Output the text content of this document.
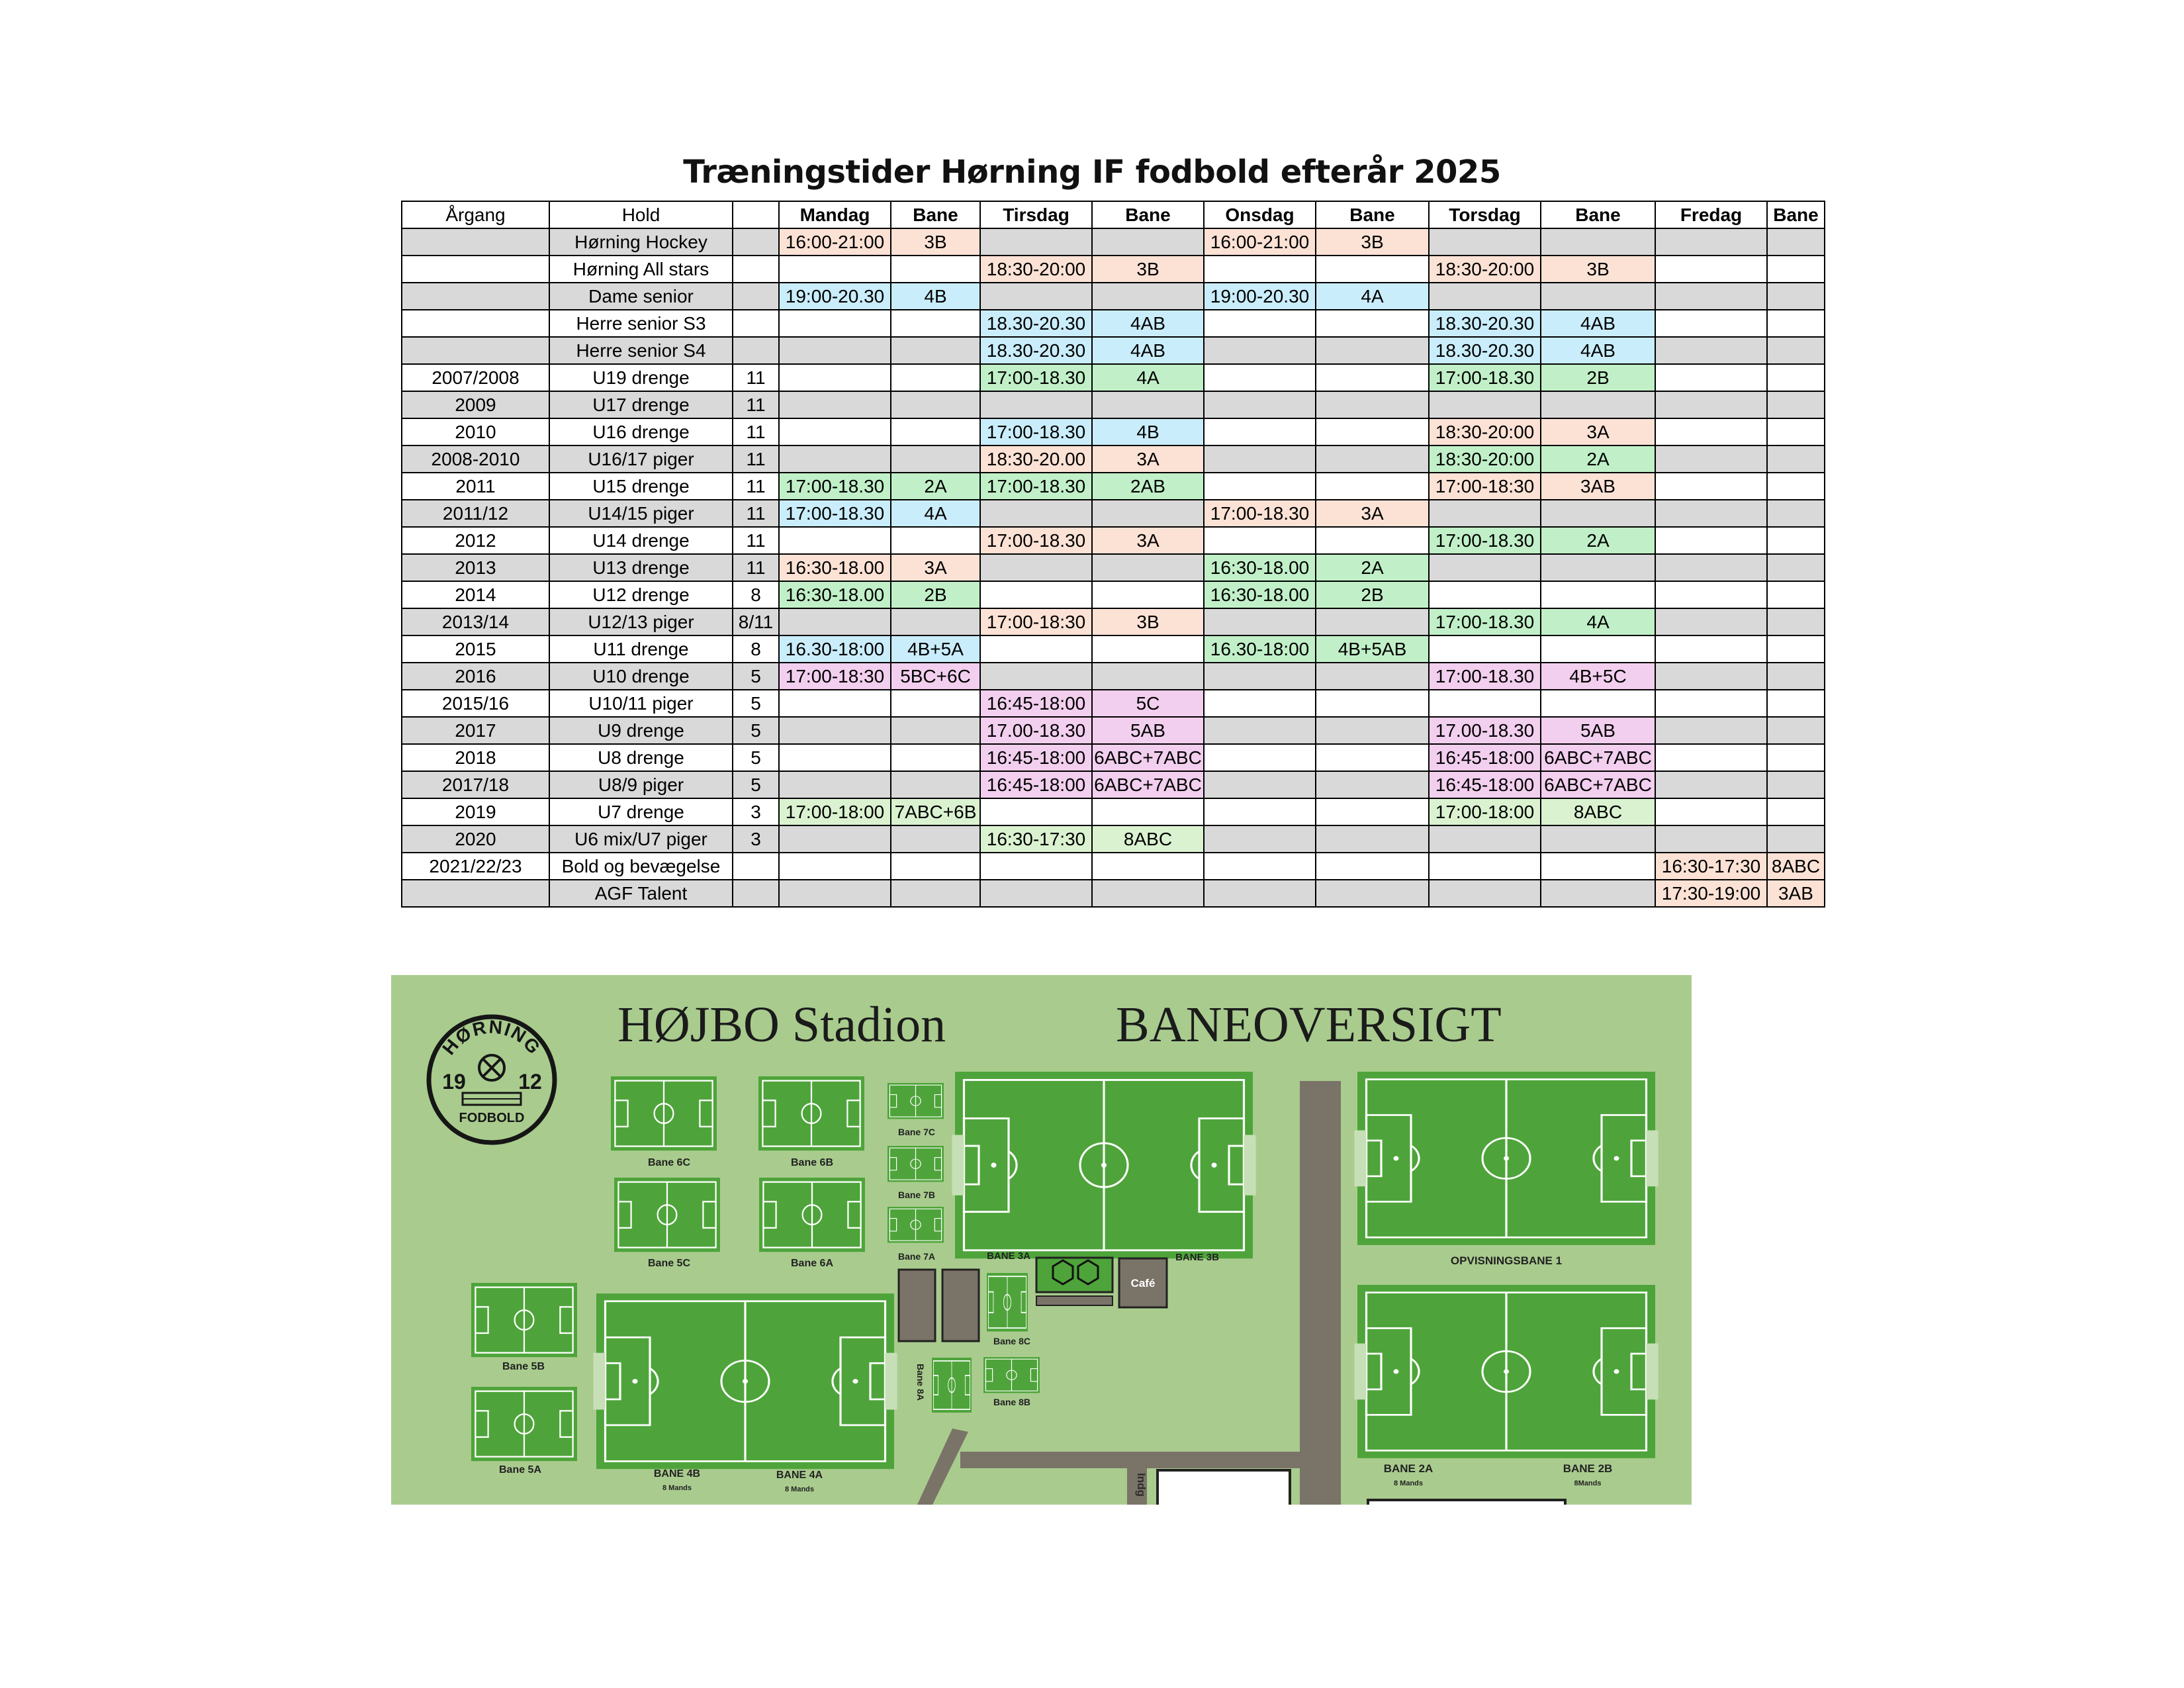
Træningstider Hørning IF fodbold efterår 2025
Årgang	Hold		Mandag	Bane	Tirsdag	Bane	Onsdag	Bane	Torsdag	Bane	Fredag	Bane
	Hørning Hockey		16:00-21:00	3B			16:00-21:00	3B				
	Hørning All stars				18:30-20:00	3B			18:30-20:00	3B		
	Dame senior		19:00-20.30	4B			19:00-20.30	4A				
	Herre senior S3				18.30-20.30	4AB			18.30-20.30	4AB		
	Herre senior S4				18.30-20.30	4AB			18.30-20.30	4AB		
2007/2008	U19 drenge	11			17:00-18.30	4A			17:00-18.30	2B		
2009	U17 drenge	11										
2010	U16 drenge	11			17:00-18.30	4B			18:30-20:00	3A		
2008-2010	U16/17 piger	11			18:30-20.00	3A			18:30-20:00	2A		
2011	U15 drenge	11	17:00-18.30	2A	17:00-18.30	2AB			17:00-18:30	3AB		
2011/12	U14/15 piger	11	17:00-18.30	4A			17:00-18.30	3A				
2012	U14 drenge	11			17:00-18.30	3A			17:00-18.30	2A		
2013	U13 drenge	11	16:30-18.00	3A			16:30-18.00	2A				
2014	U12 drenge	8	16:30-18.00	2B			16:30-18.00	2B				
2013/14	U12/13 piger	8/11			17:00-18:30	3B			17:00-18.30	4A		
2015	U11 drenge	8	16.30-18:00	4B+5A			16.30-18:00	4B+5AB				
2016	U10 drenge	5	17:00-18:30	5BC+6C					17:00-18.30	4B+5C		
2015/16	U10/11 piger	5			16:45-18:00	5C						
2017	U9 drenge	5			17.00-18.30	5AB			17.00-18.30	5AB		
2018	U8 drenge	5			16:45-18:00	6ABC+7ABC			16:45-18:00	6ABC+7ABC		
2017/18	U8/9 piger	5			16:45-18:00	6ABC+7ABC			16:45-18:00	6ABC+7ABC		
2019	U7 drenge	3	17:00-18:00	7ABC+6B					17:00-18:00	8ABC		
2020	U6 mix/U7 piger	3			16:30-17:30	8ABC						
2021/22/23	Bold og bevægelse										16:30-17:30	8ABC
	AGF Talent										17:30-19:00	3AB
Indg
HØJBO Stadion	BANEOVERSIGT
HØRNING
19 12
FODBOLD
Café
Bane 6C	Bane 6B
Bane 7C
Bane 7B
Bane 7A
Bane 5C	Bane 6A
Bane 5B
Bane 5A
BANE 3A	BANE 3B
Bane 8C
Bane 8A
Bane 8B
BANE 4B
8 Mands
BANE 4A
8 Mands
OPVISNINGSBANE 1
BANE 2A
8 Mands
BANE 2B
8Mands
